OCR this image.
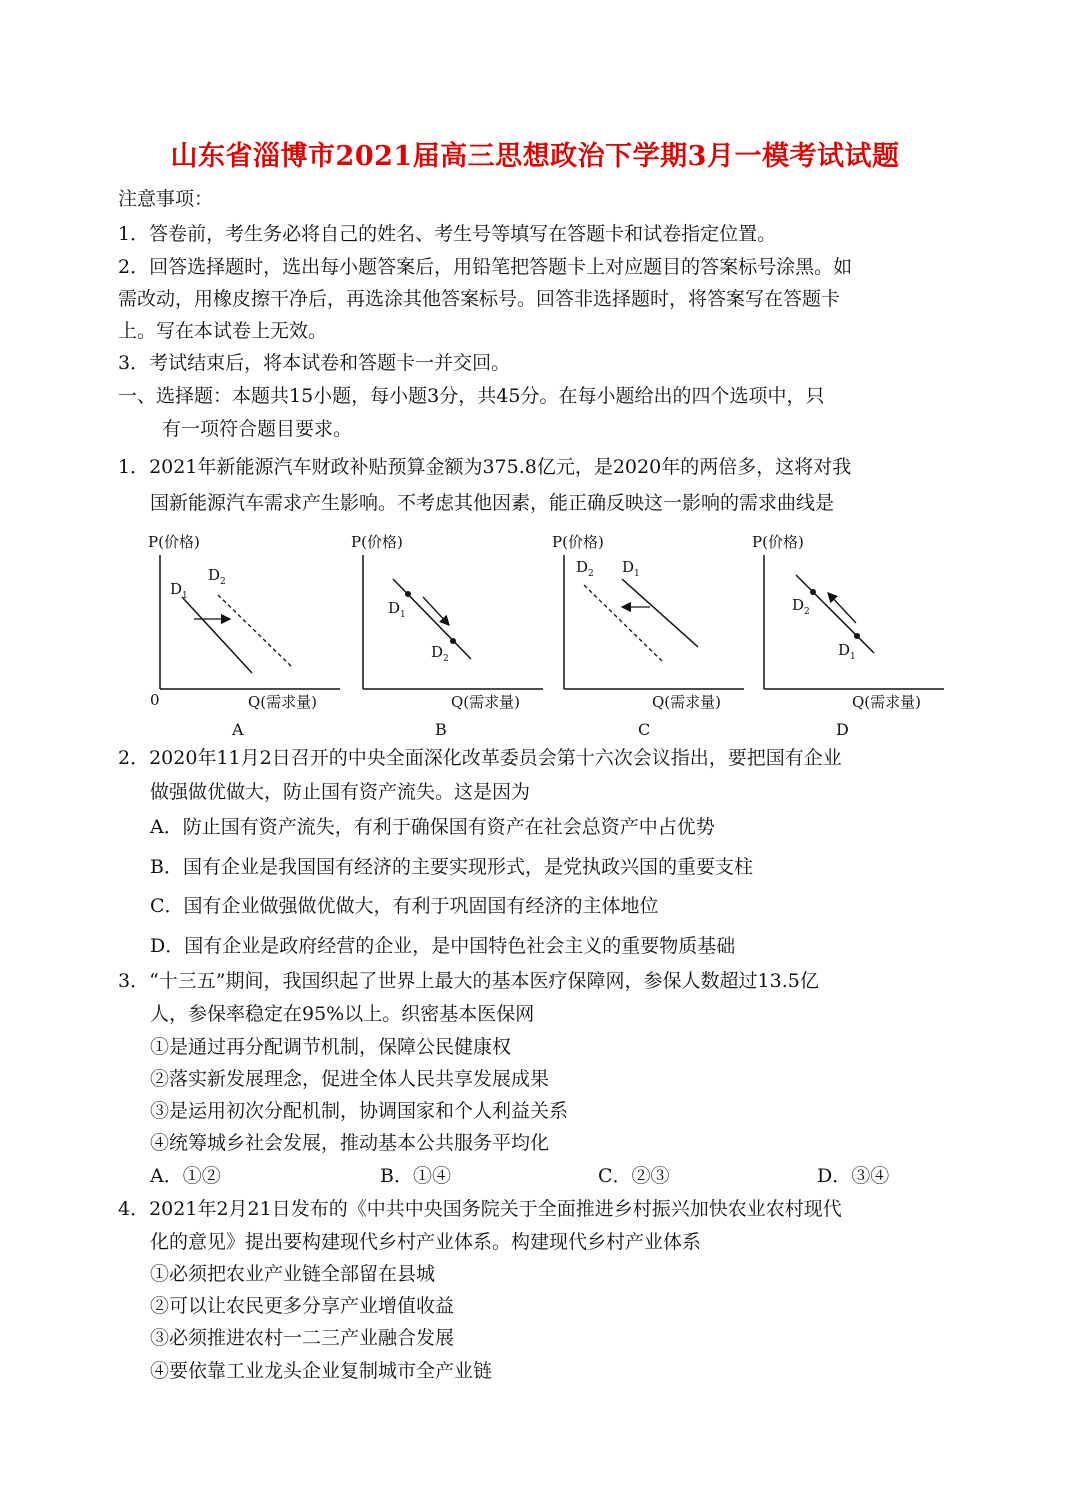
山东省淄博市2021届高三思想政治下学期3月一模考试试题
注意事项：
1．答卷前，考生务必将自己的姓名、考生号等填写在答题卡和试卷指定位置。
2．回答选择题时，选出每小题答案后，用铅笔把答题卡上对应题目的答案标号涂黑。如
需改动，用橡皮擦干净后，再选涂其他答案标号。回答非选择题时，将答案写在答题卡
上。写在本试卷上无效。
3．考试结束后，将本试卷和答题卡一并交回。
一、选择题：本题共15小题，每小题3分，共45分。在每小题给出的四个选项中，只
有一项符合题目要求。
1．2021年新能源汽车财政补贴预算金额为375.8亿元，是2020年的两倍多，这将对我
国新能源汽车需求产生影响。不考虑其他因素，能正确反映这一影响的需求曲线是
P(价格)
0	Q(需求量)
$D_1$
$D_2$
A
P(价格)
Q(需求量)
$D_1$
$D_2$
B
P(价格)
Q(需求量)
$D_2$ $D_1$
C
P(价格)
Q(需求量)
$D_2$
$D_1$
D
2．2020年11月2日召开的中央全面深化改革委员会第十六次会议指出，要把国有企业
做强做优做大，防止国有资产流失。这是因为
A．防止国有资产流失，有利于确保国有资产在社会总资产中占优势
B．国有企业是我国国有经济的主要实现形式，是党执政兴国的重要支柱
C．国有企业做强做优做大，有利于巩固国有经济的主体地位
D．国有企业是政府经营的企业，是中国特色社会主义的重要物质基础
3．“十三五”期间，我国织起了世界上最大的基本医疗保障网，参保人数超过13.5亿
人，参保率稳定在95%以上。织密基本医保网
①是通过再分配调节机制，保障公民健康权
②落实新发展理念，促进全体人民共享发展成果
③是运用初次分配机制，协调国家和个人利益关系
④统筹城乡社会发展，推动基本公共服务平均化
A．①②	B．①④	C．②③	D．③④
4．2021年2月21日发布的《中共中央国务院关于全面推进乡村振兴加快农业农村现代
化的意见》提出要构建现代乡村产业体系。构建现代乡村产业体系
①必须把农业产业链全部留在县城
②可以让农民更多分享产业增值收益
③必须推进农村一二三产业融合发展
④要依靠工业龙头企业复制城市全产业链
